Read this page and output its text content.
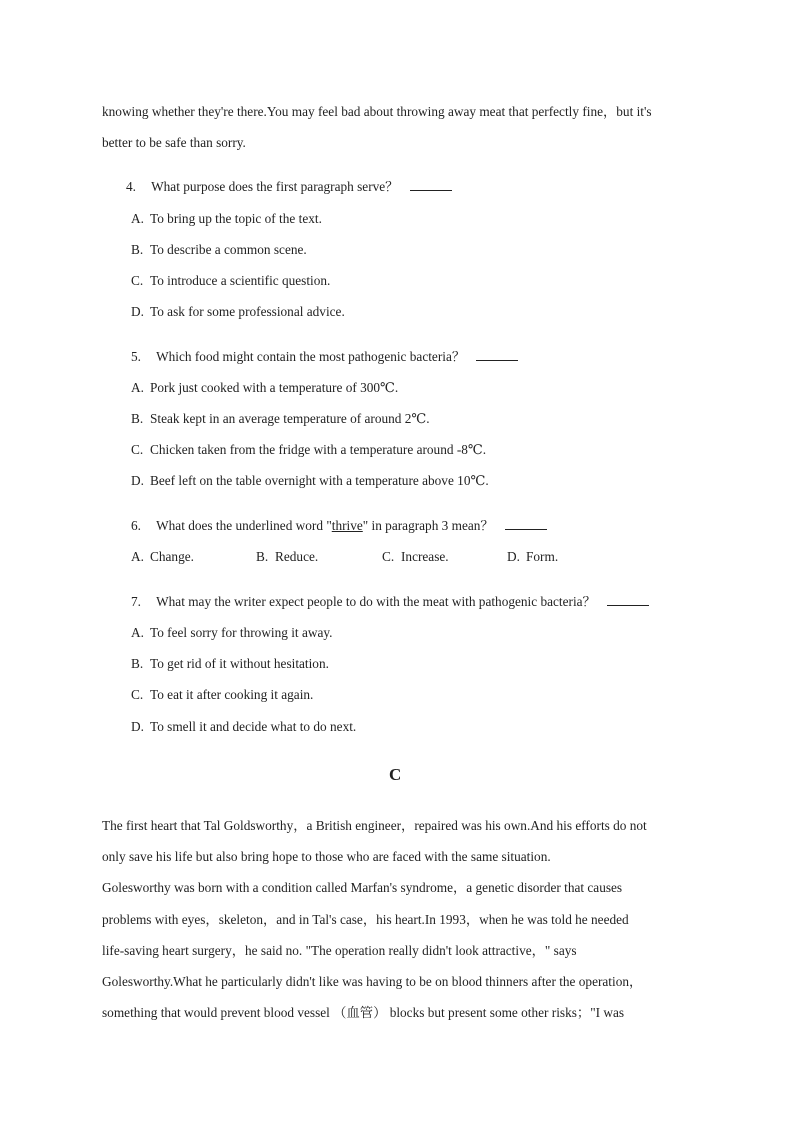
knowing whether they're there.You may feel bad about throwing away meat that perfectly fine，but it's
better to be safe than sorry.
4. What purpose does the first paragraph serve？
A. To bring up the topic of the text.
B. To describe a common scene.
C. To introduce a scientific question.
D. To ask for some professional advice.
5. Which food might contain the most pathogenic bacteria？
A. Pork just cooked with a temperature of 300℃.
B. Steak kept in an average temperature of around 2℃.
C. Chicken taken from the fridge with a temperature around -8℃.
D. Beef left on the table overnight with a temperature above 10℃.
6. What does the underlined word "thrive" in paragraph 3 mean？
A. Change.	B. Reduce.	C. Increase.	D. Form.
7. What may the writer expect people to do with the meat with pathogenic bacteria？
A. To feel sorry for throwing it away.
B. To get rid of it without hesitation.
C. To eat it after cooking it again.
D. To smell it and decide what to do next.
C
The first heart that Tal Goldsworthy，a British engineer，repaired was his own.And his efforts do not
only save his life but also bring hope to those who are faced with the same situation.
Golesworthy was born with a condition called Marfan's syndrome，a genetic disorder that causes
problems with eyes，skeleton，and in Tal's case，his heart.In 1993，when he was told he needed
life-saving heart surgery，he said no. "The operation really didn't look attractive，" says
Golesworthy.What he particularly didn't like was having to be on blood thinners after the operation，
something that would prevent blood vessel （血管） blocks but present some other risks；"I was
